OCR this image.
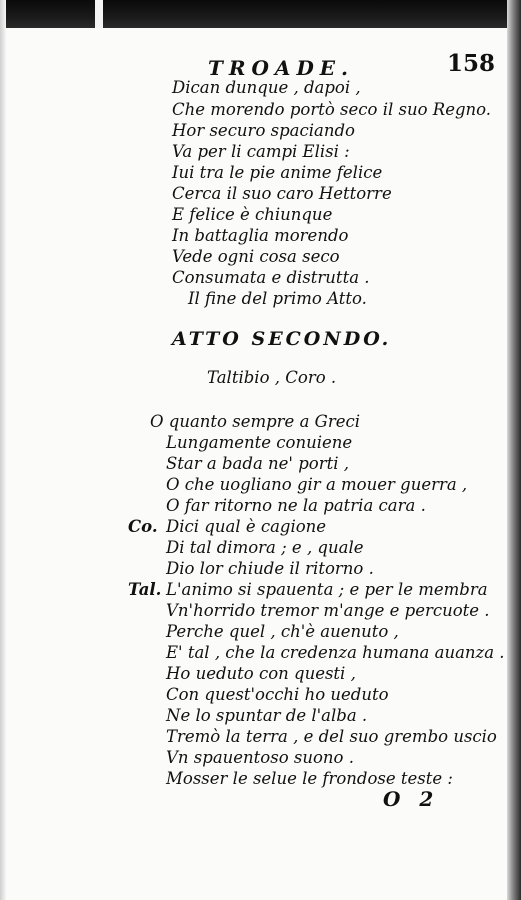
TROADE.	158
Dican dunque , dapoi ,
Che morendo portò seco il suo Regno.
Hor securo spaciando
Va per li campi Elisi :
Iui tra le pie anime felice
Cerca il suo caro Hettorre
E felice è chiunque
In battaglia morendo
Vede ogni cosa seco
Consumata e distrutta .
Il fine del primo Atto.
ATTO SECONDO.
Taltibio , Coro .
O quanto sempre a Greci
Lungamente conuiene
Star a bada ne' porti ,
O che uogliano gir a mouer guerra ,
O far ritorno ne la patria cara .
Co. Dici qual è cagione
Di tal dimora ; e , quale
Dio lor chiude il ritorno .
Tal. L'animo si spauenta ; e per le membra
Vn'horrido tremor m'ange e percuote .
Perche quel , ch'è auenuto ,
E' tal , che la credenza humana auanza .
Ho ueduto con questi ,
Con quest'occhi ho ueduto
Ne lo spuntar de l'alba .
Tremò la terra , e del suo grembo uscio
Vn spauentoso suono .
Mosser le selue le frondose teste :
O 2
